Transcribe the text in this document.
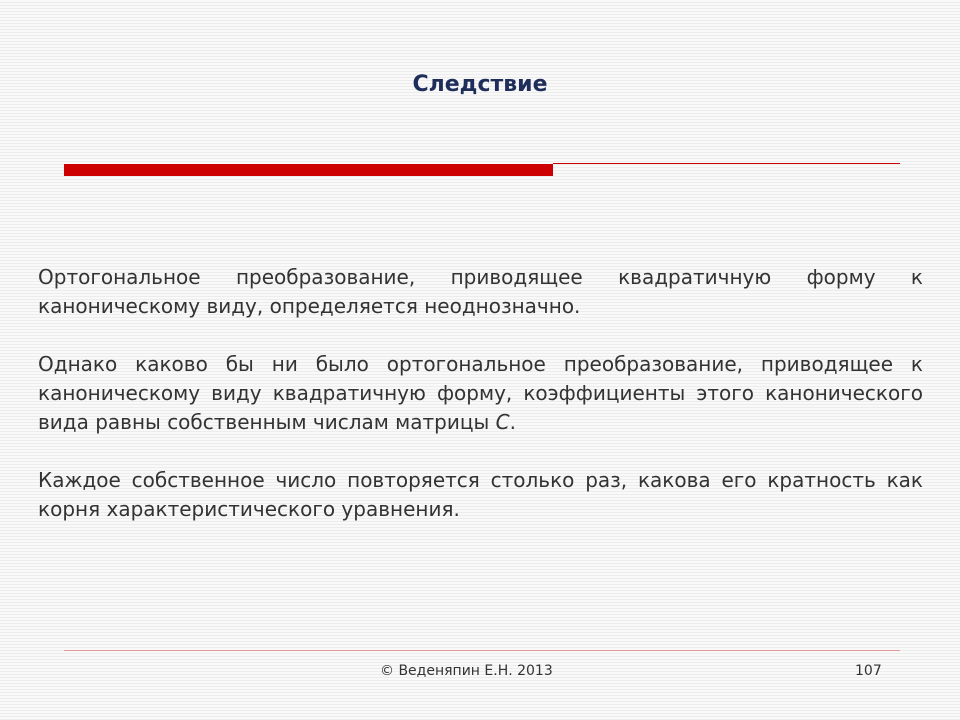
Следствие

Ортогональное преобразование, приводящее квадратичную форму к каноническому виду, определяется неоднозначно.

Однако каково бы ни было ортогональное преобразование, приводящее к каноническому виду квадратичную форму, коэффициенты этого канонического вида равны собственным числам матрицы C.

Каждое собственное число повторяется столько раз, какова его кратность как корня характеристического уравнения.

© Веденяпин Е.Н. 2013	107
